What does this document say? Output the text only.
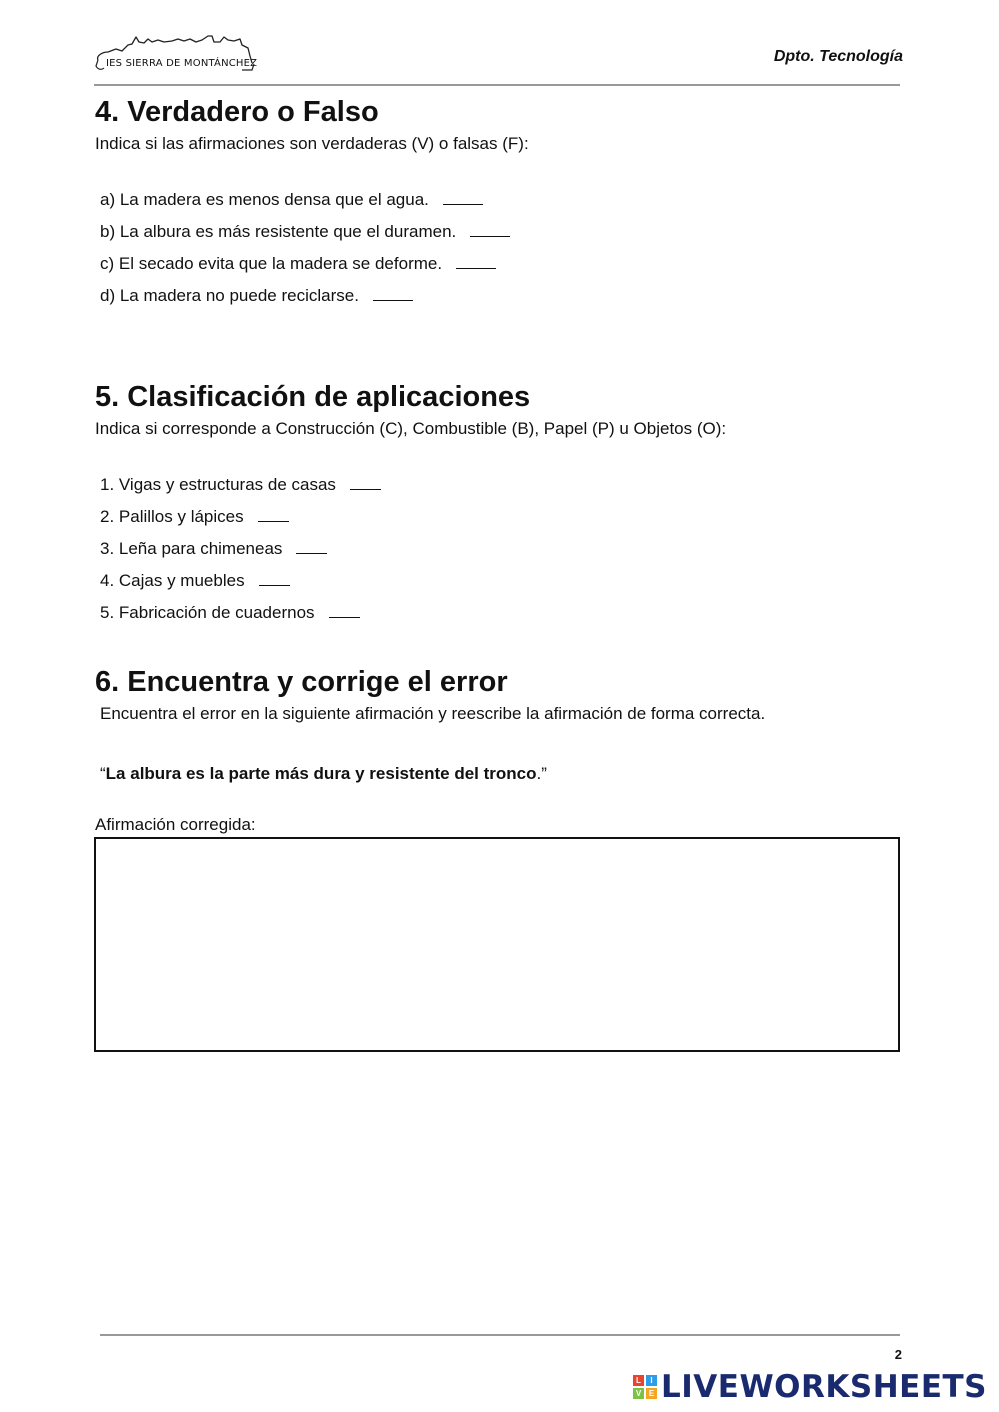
IES SIERRA DE MONTÁNCHEZ	Dpto. Tecnología
4. Verdadero o Falso
Indica si las afirmaciones son verdaderas (V) o falsas (F):
a) La madera es menos densa que el agua.
b) La albura es más resistente que el duramen.
c) El secado evita que la madera se deforme.
d) La madera no puede reciclarse.
5. Clasificación de aplicaciones
Indica si corresponde a Construcción (C), Combustible (B), Papel (P) u Objetos (O):
1. Vigas y estructuras de casas
2. Palillos y lápices
3. Leña para chimeneas
4. Cajas y muebles
5. Fabricación de cuadernos
6. Encuentra y corrige el error
Encuentra el error en la siguiente afirmación y reescribe la afirmación de forma correcta.
“La albura es la parte más dura y resistente del tronco.”
Afirmación corregida:
2
L	I
V E LIVEWORKSHEETS
